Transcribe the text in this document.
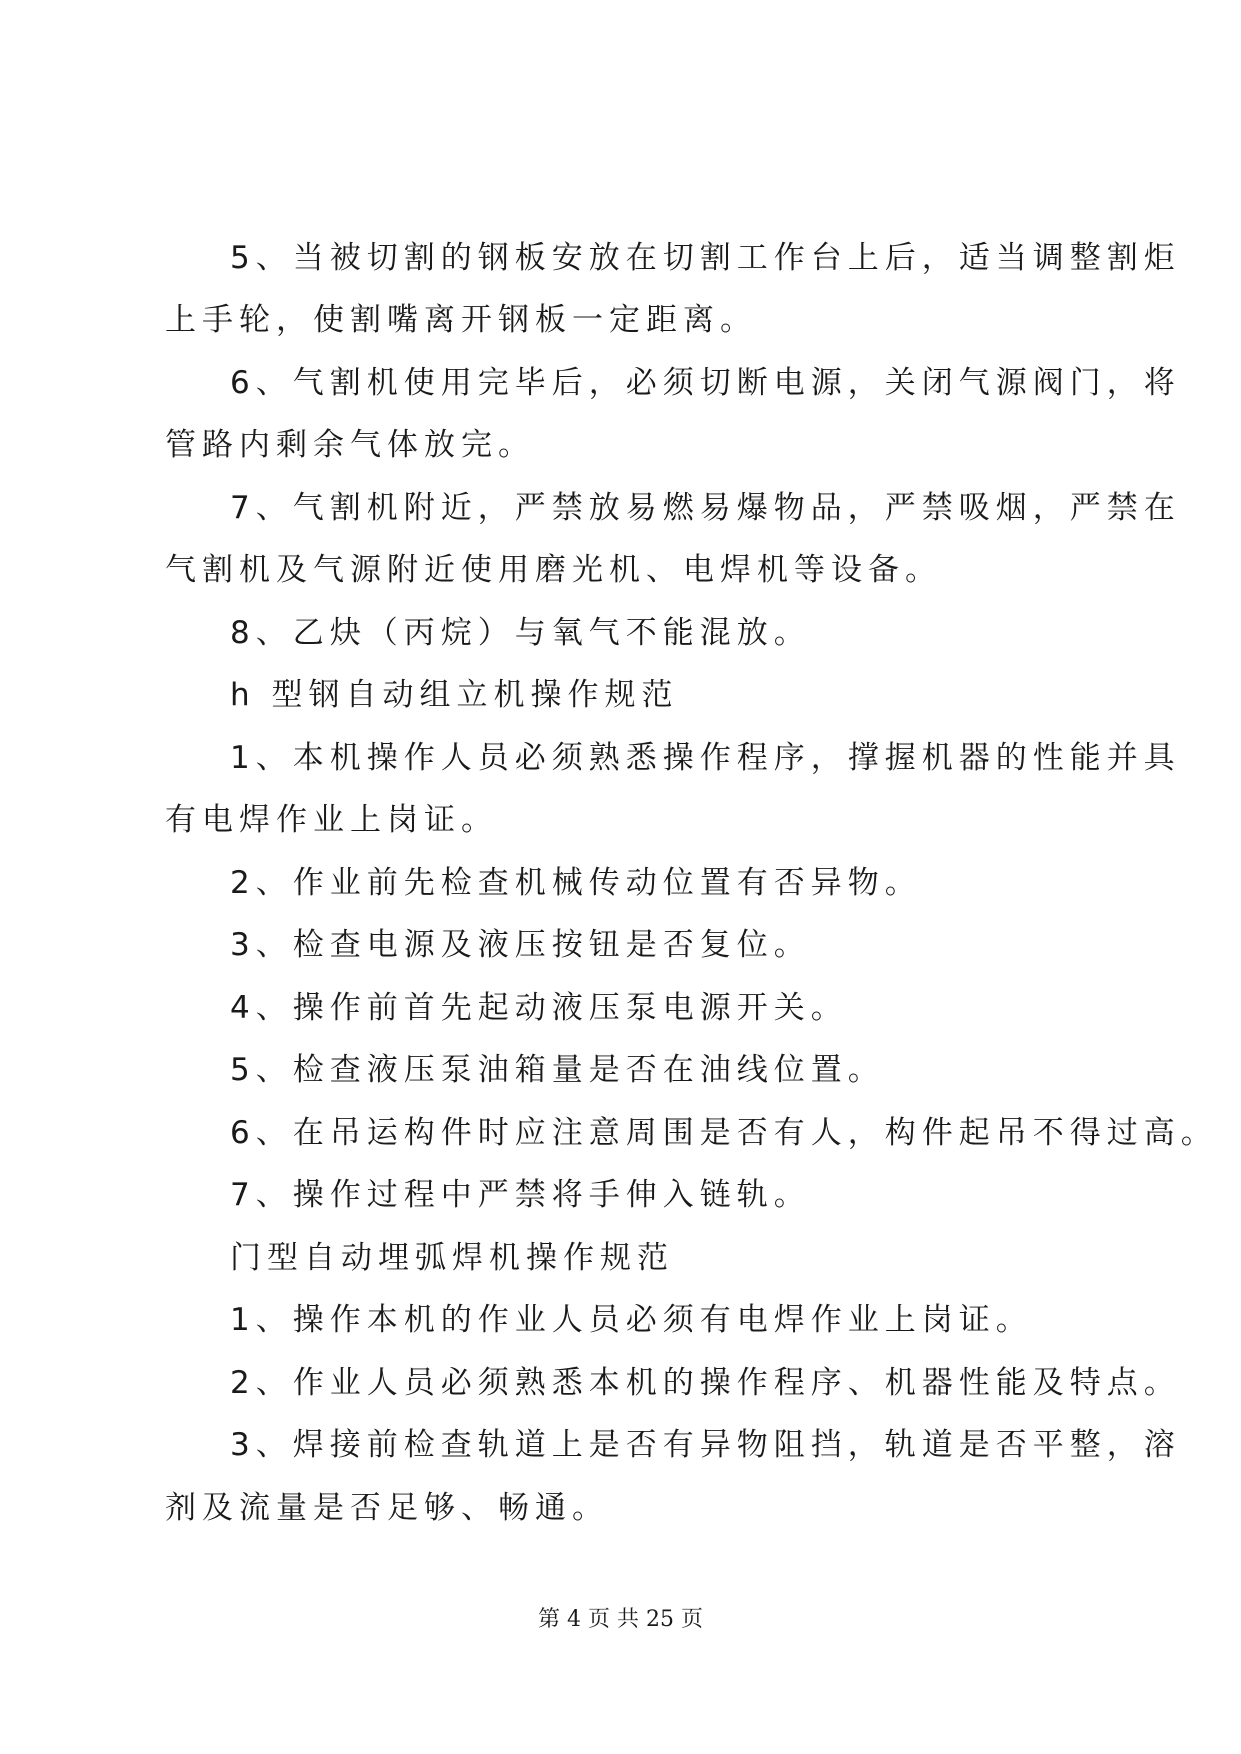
5、当被切割的钢板安放在切割工作台上后，适当调整割炬

上手轮，使割嘴离开钢板一定距离。

6、气割机使用完毕后，必须切断电源，关闭气源阀门，将

管路内剩余气体放完。

7、气割机附近，严禁放易燃易爆物品，严禁吸烟，严禁在

气割机及气源附近使用磨光机、电焊机等设备。

8、乙炔（丙烷）与氧气不能混放。

h 型钢自动组立机操作规范

1、本机操作人员必须熟悉操作程序，撑握机器的性能并具

有电焊作业上岗证。

2、作业前先检查机械传动位置有否异物。

3、检查电源及液压按钮是否复位。

4、操作前首先起动液压泵电源开关。

5、检查液压泵油箱量是否在油线位置。

6、在吊运构件时应注意周围是否有人，构件起吊不得过高。

7、操作过程中严禁将手伸入链轨。

门型自动埋弧焊机操作规范

1、操作本机的作业人员必须有电焊作业上岗证。

2、作业人员必须熟悉本机的操作程序、机器性能及特点。

3、焊接前检查轨道上是否有异物阻挡，轨道是否平整，溶

剂及流量是否足够、畅通。

第 4 页 共 25 页
